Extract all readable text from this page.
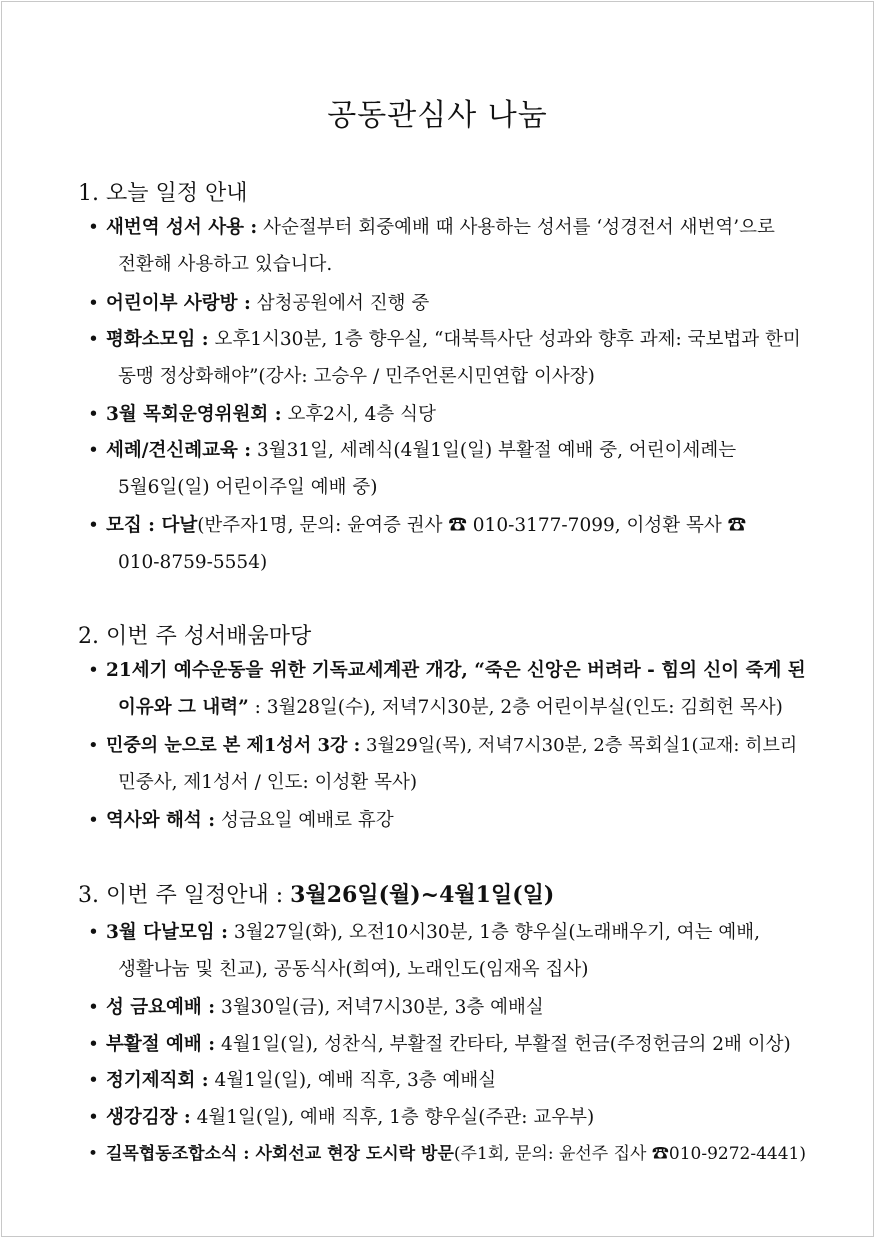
공동관심사 나눔
1. 오늘 일정 안내
• 새번역 성서 사용 : 사순절부터 회중예배 때 사용하는 성서를 ‘성경전서 새번역’으로
전환해 사용하고 있습니다.
• 어린이부 사랑방 : 삼청공원에서 진행 중
• 평화소모임 : 오후1시30분, 1층 향우실, “대북특사단 성과와 향후 과제: 국보법과 한미
동맹 정상화해야”(강사: 고승우 / 민주언론시민연합 이사장)
• 3월 목회운영위원회 : 오후2시, 4층 식당
• 세례/견신례교육 : 3월31일, 세례식(4월1일(일) 부활절 예배 중, 어린이세례는
5월6일(일) 어린이주일 예배 중)
• 모집 : 다날(반주자1명, 문의: 윤여증 권사 ☎ 010-3177-7099, 이성환 목사 ☎
010-8759-5554)
2. 이번 주 성서배움마당
• 21세기 예수운동을 위한 기독교세계관 개강, “죽은 신앙은 버려라 - 힘의 신이 죽게 된
이유와 그 내력” : 3월28일(수), 저녁7시30분, 2층 어린이부실(인도: 김희헌 목사)
• 민중의 눈으로 본 제1성서 3강 : 3월29일(목), 저녁7시30분, 2층 목회실1(교재: 히브리
민중사, 제1성서 / 인도: 이성환 목사)
• 역사와 해석 : 성금요일 예배로 휴강
3. 이번 주 일정안내 : 3월26일(월)~4월1일(일)
• 3월 다날모임 : 3월27일(화), 오전10시30분, 1층 향우실(노래배우기, 여는 예배,
생활나눔 및 친교), 공동식사(희여), 노래인도(임재옥 집사)
• 성 금요예배 : 3월30일(금), 저녁7시30분, 3층 예배실
• 부활절 예배 : 4월1일(일), 성찬식, 부활절 칸타타, 부활절 헌금(주정헌금의 2배 이상)
• 정기제직회 : 4월1일(일), 예배 직후, 3층 예배실
• 생강김장 : 4월1일(일), 예배 직후, 1층 향우실(주관: 교우부)
• 길목협동조합소식 : 사회선교 현장 도시락 방문(주1회, 문의: 윤선주 집사 ☎010-9272-4441)
